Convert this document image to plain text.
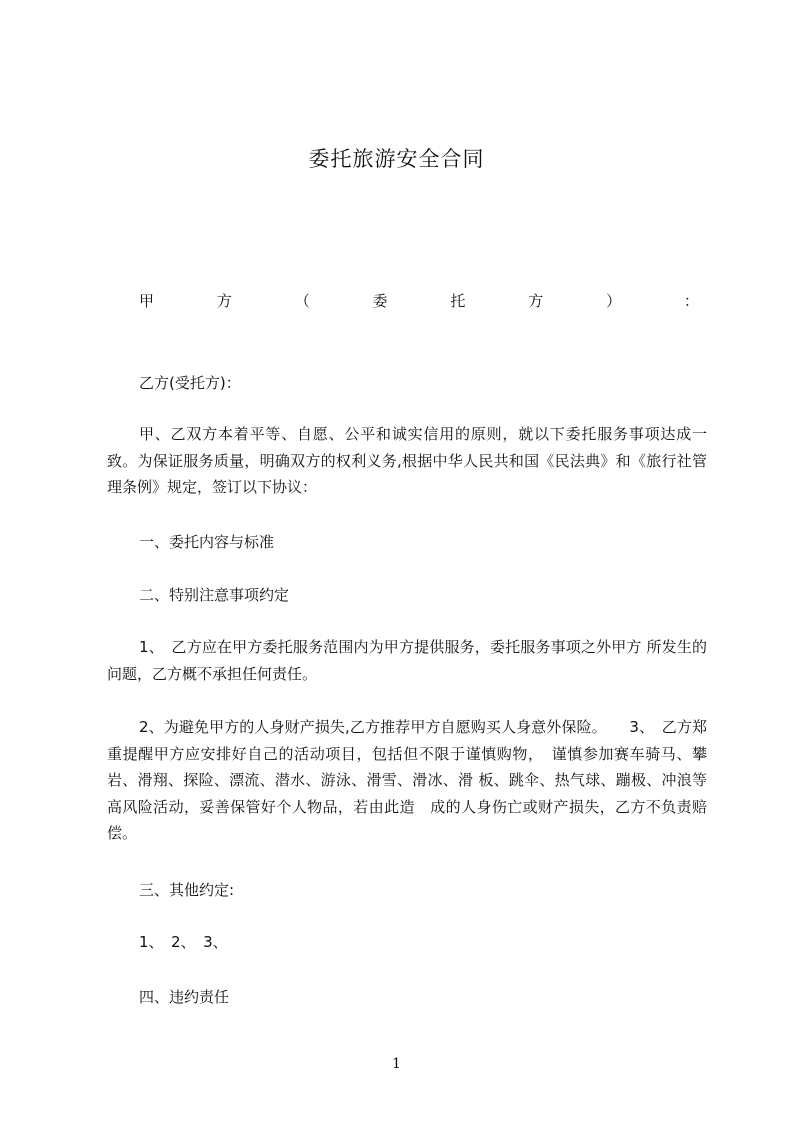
委托旅游安全合同
甲	方	（	委	托	方	）	：
乙方(受托方)：
甲、乙双方本着平等、自愿、公平和诚实信用的原则，就以下委托服务事项达成一致。为保证服务质量，明确双方的权利义务,根据中华人民共和国《民法典》和《旅行社管理条例》规定，签订以下协议：
一、委托内容与标准
二、特别注意事项约定
1、　乙方应在甲方委托服务范围内为甲方提供服务，委托服务事项之外甲方 所发生的问题，乙方概不承担任何责任。
2、为避免甲方的人身财产损失,乙方推荐甲方自愿购买人身意外保险。　　3、　乙方郑重提醒甲方应安排好自己的活动项目，包括但不限于谨慎购物，　谨慎参加赛车骑马、攀岩、滑翔、探险、漂流、潜水、游泳、滑雪、滑冰、滑 板、跳伞、热气球、蹦极、冲浪等高风险活动，妥善保管好个人物品，若由此造　成的人身伤亡或财产损失，乙方不负责赔偿。
三、其他约定:
1、　2、　3、
四、违约责任
1
